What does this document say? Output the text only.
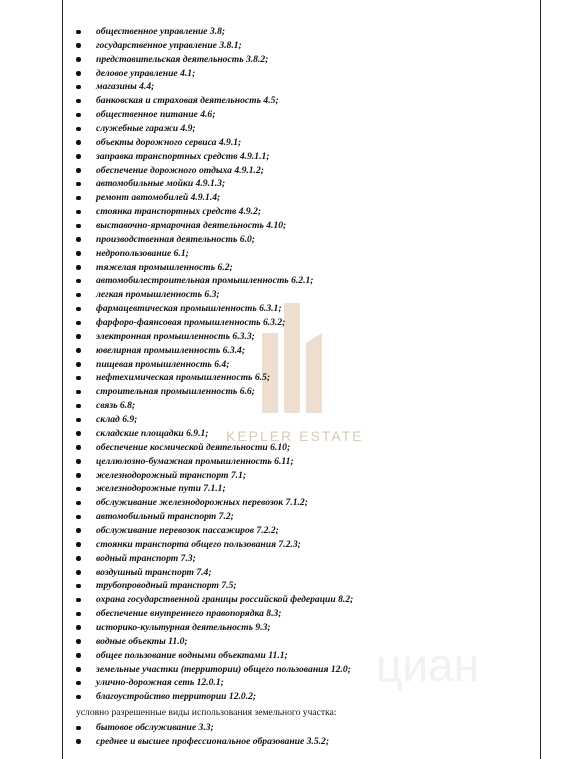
KEPLER ESTATE
циан
общественное управление 3.8;
государственное управление 3.8.1;
представительская деятельность 3.8.2;
деловое управление 4.1;
магазины 4.4;
банковская и страховая деятельность 4.5;
общественное питание 4.6;
служебные гаражи 4.9;
объекты дорожного сервиса 4.9.1;
заправка транспортных средств 4.9.1.1;
обеспечение дорожного отдыха 4.9.1.2;
автомобильные мойки 4.9.1.3;
ремонт автомобилей 4.9.1.4;
стоянка транспортных средств 4.9.2;
выставочно-ярмарочная деятельность 4.10;
производственная деятельность 6.0;
недропользование 6.1;
тяжелая промышленность 6.2;
автомобилестроительная промышленность 6.2.1;
легкая промышленность 6.3;
фармацевтическая промышленность 6.3.1;
фарфоро-фаянсовая промышленность 6.3.2;
электронная промышленность 6.3.3;
ювелирная промышленность 6.3.4;
пищевая промышленность 6.4;
нефтехимическая промышленность 6.5;
строительная промышленность 6.6;
связь 6.8;
склад 6.9;
складские площадки 6.9.1;
обеспечение космической деятельности 6.10;
целлюлозно-бумажная промышленность 6.11;
железнодорожный транспорт 7.1;
железнодорожные пути 7.1.1;
обслуживание железнодорожных перевозок 7.1.2;
автомобильный транспорт 7.2;
обслуживание перевозок пассажиров 7.2.2;
стоянки транспорта общего пользования 7.2.3;
водный транспорт 7.3;
воздушный транспорт 7.4;
трубопроводный транспорт 7.5;
охрана государственной границы российской федерации 8.2;
обеспечение внутреннего правопорядка 8.3;
историко-культурная деятельность 9.3;
водные объекты 11.0;
общее пользование водными объектами 11.1;
земельные участки (территории) общего пользования 12.0;
улично-дорожная сеть 12.0.1;
благоустройство территории 12.0.2;
условно разрешенные виды использования земельного участка:
бытовое обслуживание 3.3;
среднее и высшее профессиональное образование 3.5.2;
